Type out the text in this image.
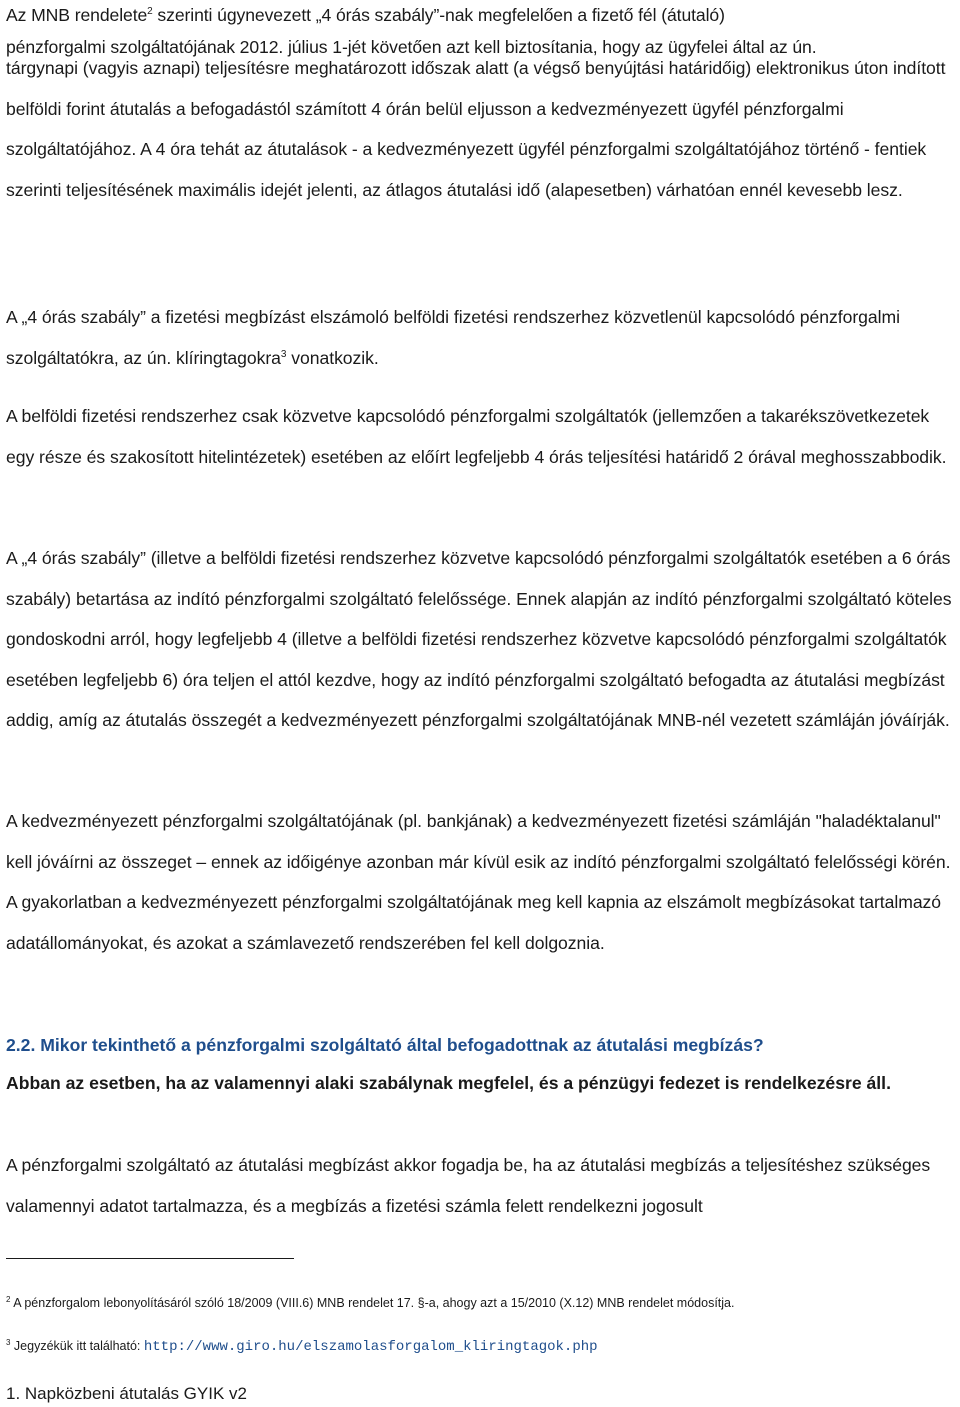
Az MNB rendelete$^2$ szerinti úgynevezett „4 órás szabály”-nak megfelelően a fizető fél (átutaló)

pénzforgalmi szolgáltatójának 2012. július 1-jét követően azt kell biztosítania, hogy az ügyfelei által az ún.

tárgynapi (vagyis aznapi) teljesítésre meghatározott időszak alatt (a végső benyújtási határidőig) elektronikus úton indított belföldi forint átutalás a befogadástól számított 4 órán belül eljusson a kedvezményezett ügyfél pénzforgalmi szolgáltatójához. A 4 óra tehát az átutalások - a kedvezményezett ügyfél pénzforgalmi szolgáltatójához történő - fentiek szerinti teljesítésének maximális idejét jelenti, az átlagos átutalási idő (alapesetben) várhatóan ennél kevesebb lesz.

A „4 órás szabály” a fizetési megbízást elszámoló belföldi fizetési rendszerhez közvetlenül kapcsolódó pénzforgalmi szolgáltatókra, az ún. klíringtagokra$^3$ vonatkozik.

A belföldi fizetési rendszerhez csak közvetve kapcsolódó pénzforgalmi szolgáltatók (jellemzően a takarékszövetkezetek egy része és szakosított hitelintézetek) esetében az előírt legfeljebb 4 órás teljesítési határidő 2 órával meghosszabbodik.

A „4 órás szabály” (illetve a belföldi fizetési rendszerhez közvetve kapcsolódó pénzforgalmi szolgáltatók esetében a 6 órás szabály) betartása az indító pénzforgalmi szolgáltató felelőssége. Ennek alapján az indító pénzforgalmi szolgáltató köteles gondoskodni arról, hogy legfeljebb 4 (illetve a belföldi fizetési rendszerhez közvetve kapcsolódó pénzforgalmi szolgáltatók esetében legfeljebb 6) óra teljen el attól kezdve, hogy az indító pénzforgalmi szolgáltató befogadta az átutalási megbízást addig, amíg az átutalás összegét a kedvezményezett pénzforgalmi szolgáltatójának MNB-nél vezetett számláján jóváírják.

A kedvezményezett pénzforgalmi szolgáltatójának (pl. bankjának) a kedvezményezett fizetési számláján "haladéktalanul" kell jóváírni az összeget – ennek az időigénye azonban már kívül esik az indító pénzforgalmi szolgáltató felelősségi körén. A gyakorlatban a kedvezményezett pénzforgalmi szolgáltatójának meg kell kapnia az elszámolt megbízásokat tartalmazó adatállományokat, és azokat a számlavezető rendszerében fel kell dolgoznia.

2.2. Mikor tekinthető a pénzforgalmi szolgáltató által befogadottnak az átutalási megbízás?

Abban az esetben, ha az valamennyi alaki szabálynak megfelel, és a pénzügyi fedezet is rendelkezésre áll.

A pénzforgalmi szolgáltató az átutalási megbízást akkor fogadja be, ha az átutalási megbízás a teljesítéshez szükséges valamennyi adatot tartalmazza, és a megbízás a fizetési számla felett rendelkezni jogosult

$^2$ A pénzforgalom lebonyolításáról szóló 18/2009 (VIII.6) MNB rendelet 17. §-a, ahogy azt a 15/2010 (X.12) MNB rendelet módosítja.

$^3$ Jegyzékük itt található: http://www.giro.hu/elszamolasforgalom_kliringtagok.php

1. Napközbeni átutalás GYIK v2
